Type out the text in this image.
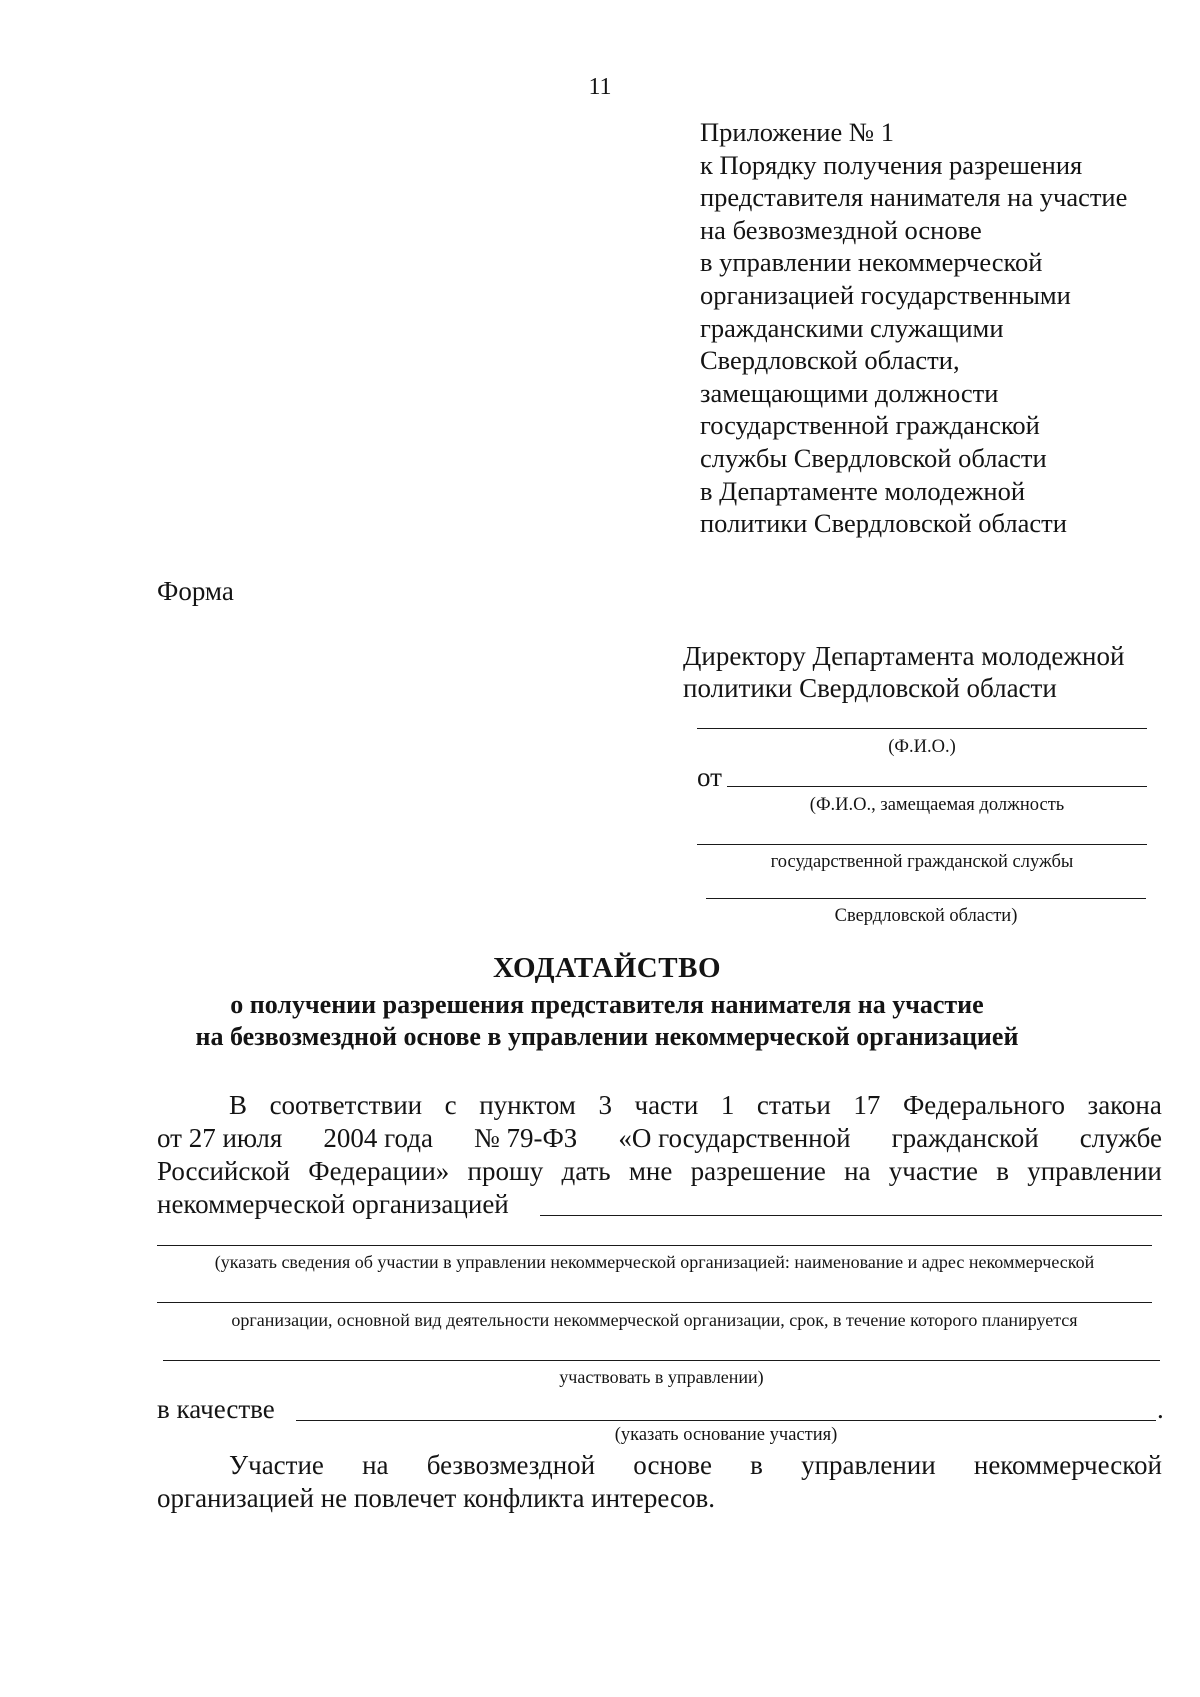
11
Приложение № 1
к Порядку получения разрешения
представителя нанимателя на участие
на безвозмездной основе
в управлении некоммерческой
организацией государственными
гражданскими служащими
Свердловской области,
замещающими должности
государственной гражданской
службы Свердловской области
в Департаменте молодежной
политики Свердловской области
Форма
Директору Департамента молодежной
политики Свердловской области
(Ф.И.О.)
от
(Ф.И.О., замещаемая должность
государственной гражданской службы
Свердловской области)
ХОДАТАЙСТВО
о получении разрешения представителя нанимателя на участие
на безвозмездной основе в управлении некоммерческой организацией
В соответствии с пунктом 3 части 1 статьи 17 Федерального закона
от 27 июля 2004 года № 79-ФЗ «О государственной гражданской службе
Российской Федерации» прошу дать мне разрешение на участие в управлении
некоммерческой организацией
(указать сведения об участии в управлении некоммерческой организацией: наименование и адрес некоммерческой
организации, основной вид деятельности некоммерческой организации, срок, в течение которого планируется
участвовать в управлении)
в качестве	.
(указать основание участия)
Участие на безвозмездной основе в управлении некоммерческой
организацией не повлечет конфликта интересов.
